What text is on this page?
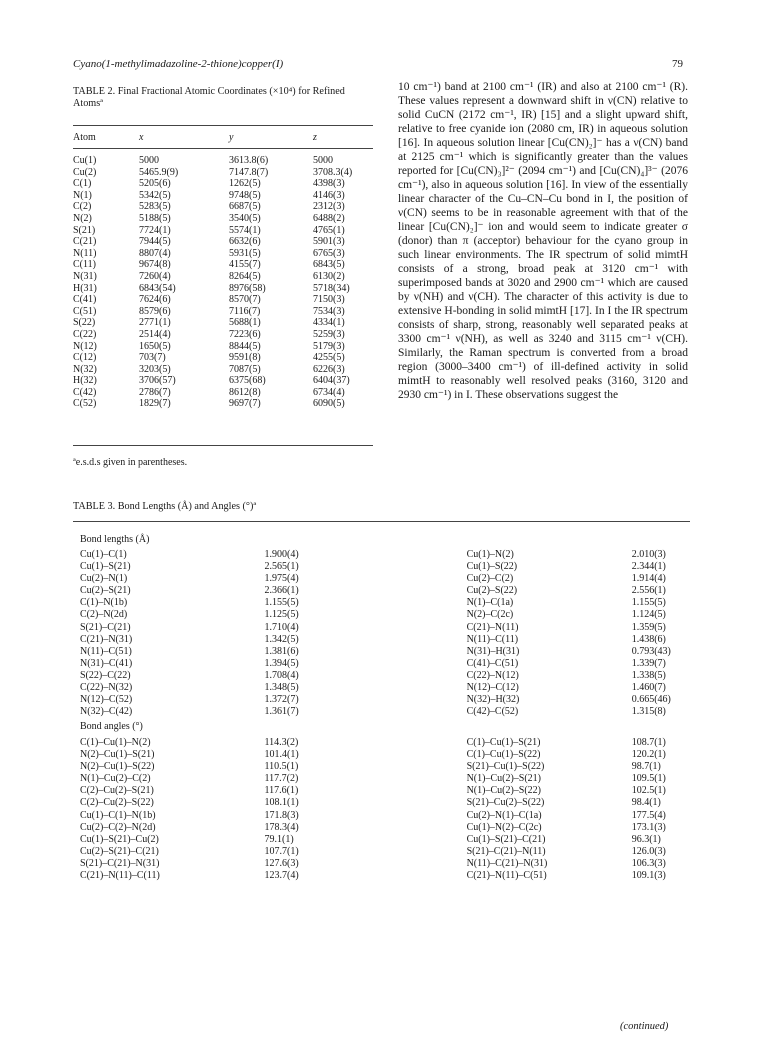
Cyano(1-methylimadazoline-2-thione)copper(I)	79
TABLE 2. Final Fractional Atomic Coordinates (×10⁴) for Refined Atomsª
Atom	x	y	z
Cu(1)	5000	3613.8(6)	5000
Cu(2)	5465.9(9)	7147.8(7)	3708.3(4)
C(1)	5205(6)	1262(5)	4398(3)
N(1)	5342(5)	9748(5)	4146(3)
C(2)	5283(5)	6687(5)	2312(3)
N(2)	5188(5)	3540(5)	6488(2)
S(21)	7724(1)	5574(1)	4765(1)
C(21)	7944(5)	6632(6)	5901(3)
N(11)	8807(4)	5931(5)	6765(3)
C(11)	9674(8)	4155(7)	6843(5)
N(31)	7260(4)	8264(5)	6130(2)
H(31)	6843(54)	8976(58)	5718(34)
C(41)	7624(6)	8570(7)	7150(3)
C(51)	8579(6)	7116(7)	7534(3)
S(22)	2771(1)	5688(1)	4334(1)
C(22)	2514(4)	7223(6)	5259(3)
N(12)	1650(5)	8844(5)	5179(3)
C(12)	703(7)	9591(8)	4255(5)
N(32)	3203(5)	7087(5)	6226(3)
H(32)	3706(57)	6375(68)	6404(37)
C(42)	2786(7)	8612(8)	6734(4)
C(52)	1829(7)	9697(7)	6090(5)
ªe.s.d.s given in parentheses.
10 cm⁻¹) band at 2100 cm⁻¹ (IR) and also at 2100 cm⁻¹ (R). These values represent a downward shift in ν(CN) relative to solid CuCN (2172 cm⁻¹, IR) [15] and a slight upward shift, relative to free cyanide ion (2080 cm, IR) in aqueous solution [16]. In aqueous solution linear [Cu(CN)₂]⁻ has a ν(CN) band at 2125 cm⁻¹ which is significantly greater than the values reported for [Cu(CN)₃]²⁻ (2094 cm⁻¹) and [Cu(CN)₄]³⁻ (2076 cm⁻¹), also in aqueous solution [16]. In view of the essentially linear character of the Cu–CN–Cu bond in I, the position of ν(CN) seems to be in reasonable agreement with that of the linear [Cu(CN)₂]⁻ ion and would seem to indicate greater σ (donor) than π (acceptor) behaviour for the cyano group in such linear environments. The IR spectrum of solid mimtH consists of a strong, broad peak at 3120 cm⁻¹ with superimposed bands at 3020 and 2900 cm⁻¹ which are caused by ν(NH) and ν(CH). The character of this activity is due to extensive H-bonding in solid mimtH [17]. In I the IR spectrum consists of sharp, strong, reasonably well separated peaks at 3300 cm⁻¹ ν(NH), as well as 3240 and 3115 cm⁻¹ ν(CH). Similarly, the Raman spectrum is converted from a broad region (3000–3400 cm⁻¹) of ill-defined activity in solid mimtH to reasonably well resolved peaks (3160, 3120 and 2930 cm⁻¹) in I. These observations suggest the
TABLE 3. Bond Lengths (Å) and Angles (°)ª
Bond lengths (Å)
Cu(1)–C(1)	1.900(4)	Cu(1)–N(2)	2.010(3)
Cu(1)–S(21)	2.565(1)	Cu(1)–S(22)	2.344(1)
Cu(2)–N(1)	1.975(4)	Cu(2)–C(2)	1.914(4)
Cu(2)–S(21)	2.366(1)	Cu(2)–S(22)	2.556(1)
C(1)–N(1b)	1.155(5)	N(1)–C(1a)	1.155(5)
C(2)–N(2d)	1.125(5)	N(2)–C(2c)	1.124(5)
S(21)–C(21)	1.710(4)	C(21)–N(11)	1.359(5)
C(21)–N(31)	1.342(5)	N(11)–C(11)	1.438(6)
N(11)–C(51)	1.381(6)	N(31)–H(31)	0.793(43)
N(31)–C(41)	1.394(5)	C(41)–C(51)	1.339(7)
S(22)–C(22)	1.708(4)	C(22)–N(12)	1.338(5)
C(22)–N(32)	1.348(5)	N(12)–C(12)	1.460(7)
N(12)–C(52)	1.372(7)	N(32)–H(32)	0.665(46)
N(32)–C(42)	1.361(7)	C(42)–C(52)	1.315(8)
Bond angles (°)
C(1)–Cu(1)–N(2)	114.3(2)	C(1)–Cu(1)–S(21)	108.7(1)
N(2)–Cu(1)–S(21)	101.4(1)	C(1)–Cu(1)–S(22)	120.2(1)
N(2)–Cu(1)–S(22)	110.5(1)	S(21)–Cu(1)–S(22)	98.7(1)
N(1)–Cu(2)–C(2)	117.7(2)	N(1)–Cu(2)–S(21)	109.5(1)
C(2)–Cu(2)–S(21)	117.6(1)	N(1)–Cu(2)–S(22)	102.5(1)
C(2)–Cu(2)–S(22)	108.1(1)	S(21)–Cu(2)–S(22)	98.4(1)
Cu(1)–C(1)–N(1b)	171.8(3)	Cu(2)–N(1)–C(1a)	177.5(4)
Cu(2)–C(2)–N(2d)	178.3(4)	Cu(1)–N(2)–C(2c)	173.1(3)
Cu(1)–S(21)–Cu(2)	79.1(1)	Cu(1)–S(21)–C(21)	96.3(1)
Cu(2)–S(21)–C(21)	107.7(1)	S(21)–C(21)–N(11)	126.0(3)
S(21)–C(21)–N(31)	127.6(3)	N(11)–C(21)–N(31)	106.3(3)
C(21)–N(11)–C(11)	123.7(4)	C(21)–N(11)–C(51)	109.1(3)
(continued)
